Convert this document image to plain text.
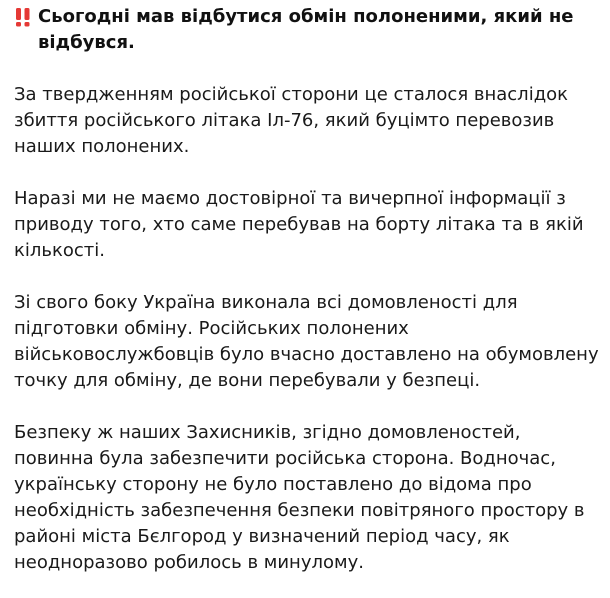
Сьогодні мав відбутися обмін полоненими, який не відбувся.

За твердженням російської сторони це сталося внаслідок збиття російського літака Іл-76, який буцімто перевозив наших полонених.

Наразі ми не маємо достовірної та вичерпної інформації з приводу того, хто саме перебував на борту літака та в якій кількості.

Зі свого боку Україна виконала всі домовленості для підготовки обміну. Російських полонених військовослужбовців було вчасно доставлено на обумовлену точку для обміну, де вони перебували у безпеці.

Безпеку ж наших Захисників, згідно домовленостей, повинна була забезпечити російська сторона. Водночас, українську сторону не було поставлено до відома про необхідність забезпечення безпеки повітряного простору в районі міста Бєлгород у визначений період часу, як неодноразово робилось в минулому.
